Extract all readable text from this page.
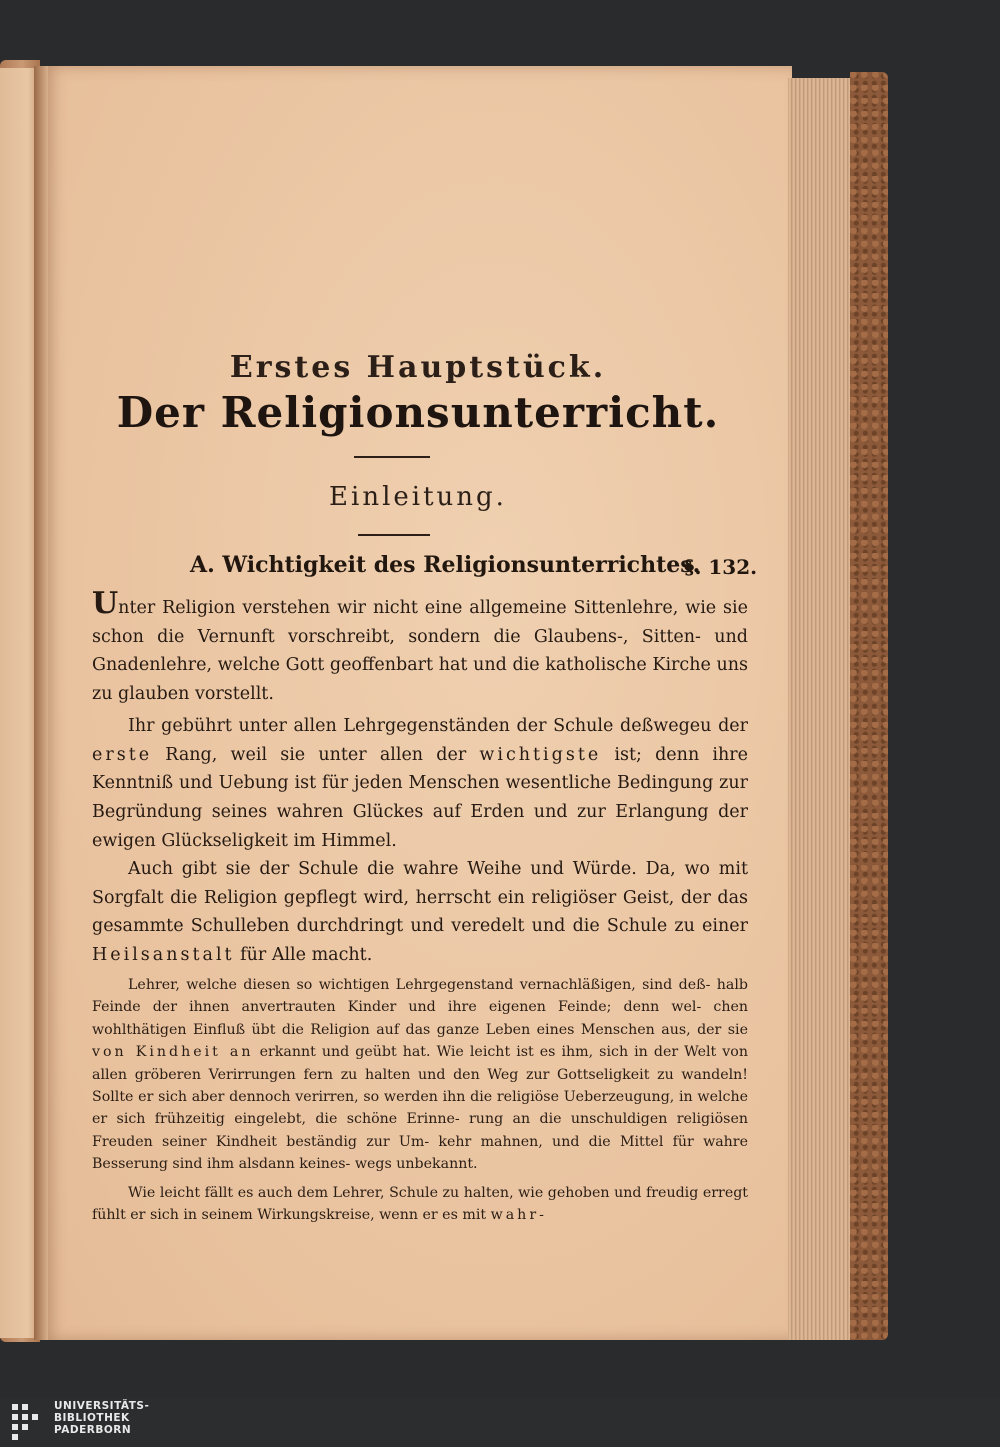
Erstes Hauptstück.
Der Religionsunterricht.
Einleitung.
A. Wichtigkeit des Religionsunterrichtes.
§. 132.

Unter Religion verstehen wir nicht eine allgemeine Sittenlehre, wie sie schon die Vernunft vorschreibt, sondern die Glaubens-, Sitten- und Gnadenlehre, welche Gott geoffenbart hat und die katholische Kirche uns zu glauben vorstellt.

Ihr gebührt unter allen Lehrgegenständen der Schule deßwegeu der erste Rang, weil sie unter allen der wichtigste ist; denn ihre Kenntniß und Uebung ist für jeden Menschen wesentliche Bedingung zur Begründung seines wahren Glückes auf Erden und zur Erlangung der ewigen Glückseligkeit im Himmel.

Auch gibt sie der Schule die wahre Weihe und Würde. Da, wo mit Sorgfalt die Religion gepflegt wird, herrscht ein religiöser Geist, der das gesammte Schulleben durchdringt und veredelt und die Schule zu einer Heilsanstalt für Alle macht.

Lehrer, welche diesen so wichtigen Lehrgegenstand vernachläßigen, sind deß- halb Feinde der ihnen anvertrauten Kinder und ihre eigenen Feinde; denn wel- chen wohlthätigen Einfluß übt die Religion auf das ganze Leben eines Menschen aus, der sie von Kindheit an erkannt und geübt hat. Wie leicht ist es ihm, sich in der Welt von allen gröberen Verirrungen fern zu halten und den Weg zur Gottseligkeit zu wandeln! Sollte er sich aber dennoch verirren, so werden ihn die religiöse Ueberzeugung, in welche er sich frühzeitig eingelebt, die schöne Erinne- rung an die unschuldigen religiösen Freuden seiner Kindheit beständig zur Um- kehr mahnen, und die Mittel für wahre Besserung sind ihm alsdann keines- wegs unbekannt.

Wie leicht fällt es auch dem Lehrer, Schule zu halten, wie gehoben und freudig erregt fühlt er sich in seinem Wirkungskreise, wenn er es mit wahr-

UNIVERSITÄTS-
BIBLIOTHEK
PADERBORN
